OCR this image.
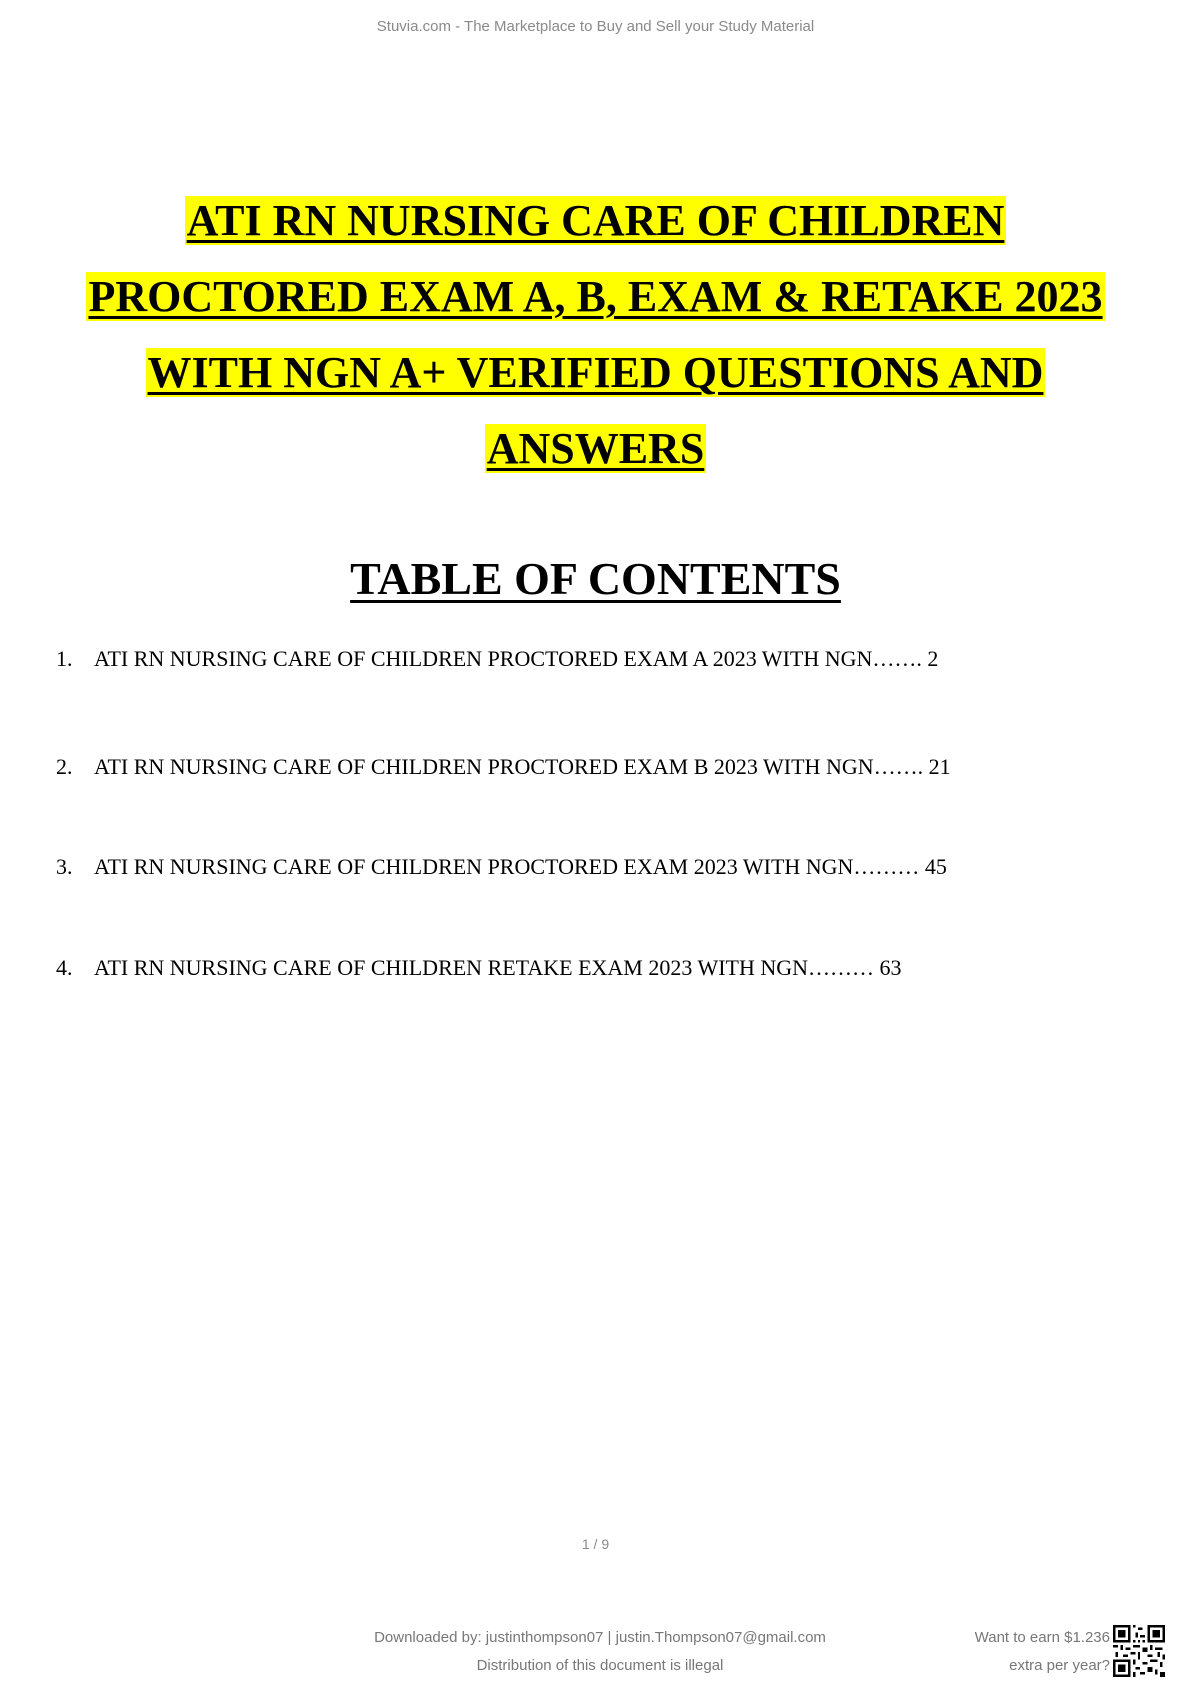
Stuvia.com - The Marketplace to Buy and Sell your Study Material
ATI RN NURSING CARE OF CHILDREN
PROCTORED EXAM A, B, EXAM & RETAKE 2023
WITH NGN A+ VERIFIED QUESTIONS AND
ANSWERS
TABLE OF CONTENTS
1. ATI RN NURSING CARE OF CHILDREN PROCTORED EXAM A 2023 WITH NGN……. 2
2. ATI RN NURSING CARE OF CHILDREN PROCTORED EXAM B 2023 WITH NGN……. 21
3. ATI RN NURSING CARE OF CHILDREN PROCTORED EXAM 2023 WITH NGN……… 45
4. ATI RN NURSING CARE OF CHILDREN RETAKE EXAM 2023 WITH NGN……… 63
1 / 9
Downloaded by: justinthompson07 | justin.Thompson07@gmail.com
Distribution of this document is illegal
Want to earn $1.236
extra per year?
